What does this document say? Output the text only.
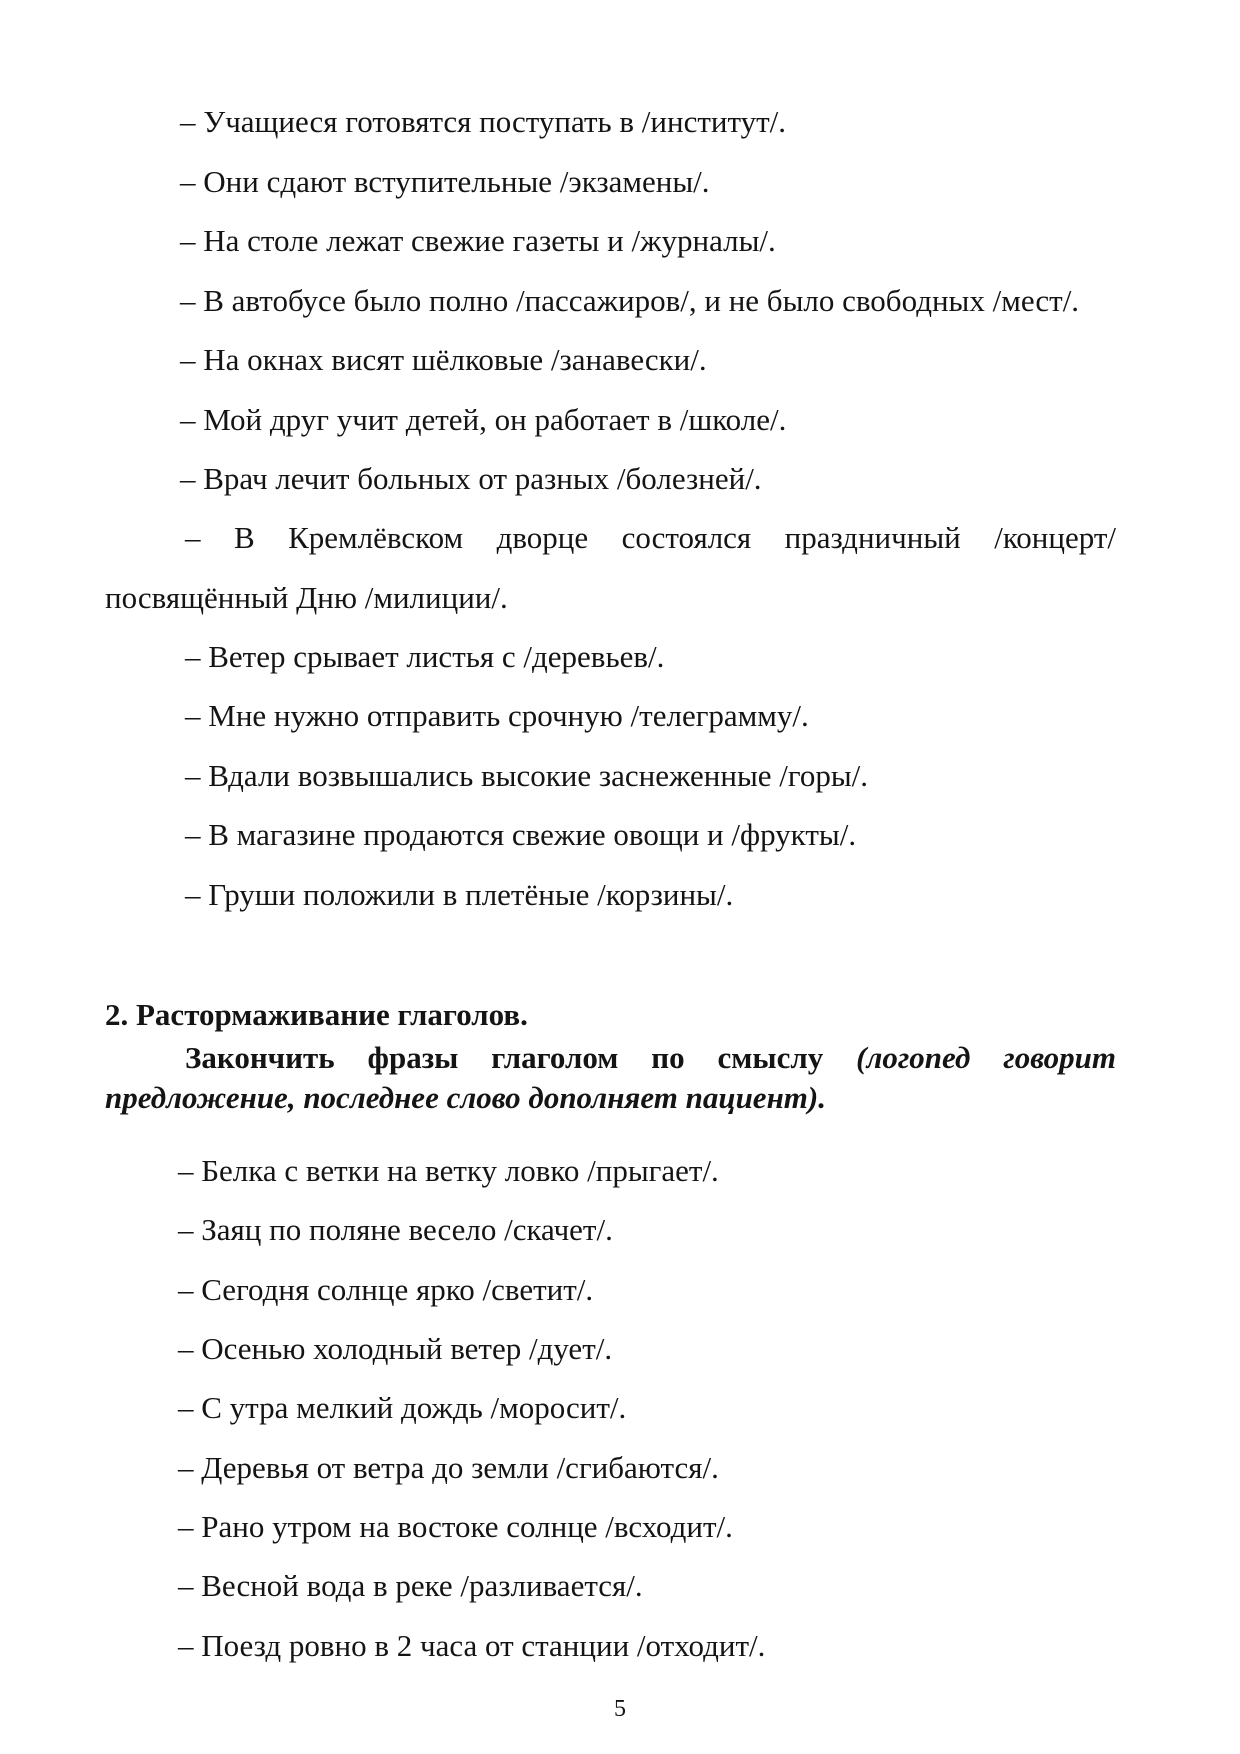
– Учащиеся готовятся поступать в /институт/.
– Они сдают вступительные /экзамены/.
– На столе лежат свежие газеты и /журналы/.
– В автобусе было полно /пассажиров/, и не было свободных /мест/.
– На окнах висят шёлковые /занавески/.
– Мой друг учит детей, он работает в /школе/.
– Врач лечит больных от разных /болезней/.
– В Кремлёвском дворце состоялся праздничный /концерт/
посвящённый Дню /милиции/.
– Ветер срывает листья с /деревьев/.
– Мне нужно отправить срочную /телеграмму/.
– Вдали возвышались высокие заснеженные /горы/.
– В магазине продаются свежие овощи и /фрукты/.
– Груши положили в плетёные /корзины/.
2. Растормаживание глаголов.
Закончить фразы глаголом по смыслу (логопед говорит
предложение, последнее слово дополняет пациент).
– Белка с ветки на ветку ловко /прыгает/.
– Заяц по поляне весело /скачет/.
– Сегодня солнце ярко /светит/.
– Осенью холодный ветер /дует/.
– С утра мелкий дождь /моросит/.
– Деревья от ветра до земли /сгибаются/.
– Рано утром на востоке солнце /всходит/.
– Весной вода в реке /разливается/.
– Поезд ровно в 2 часа от станции /отходит/.
5
